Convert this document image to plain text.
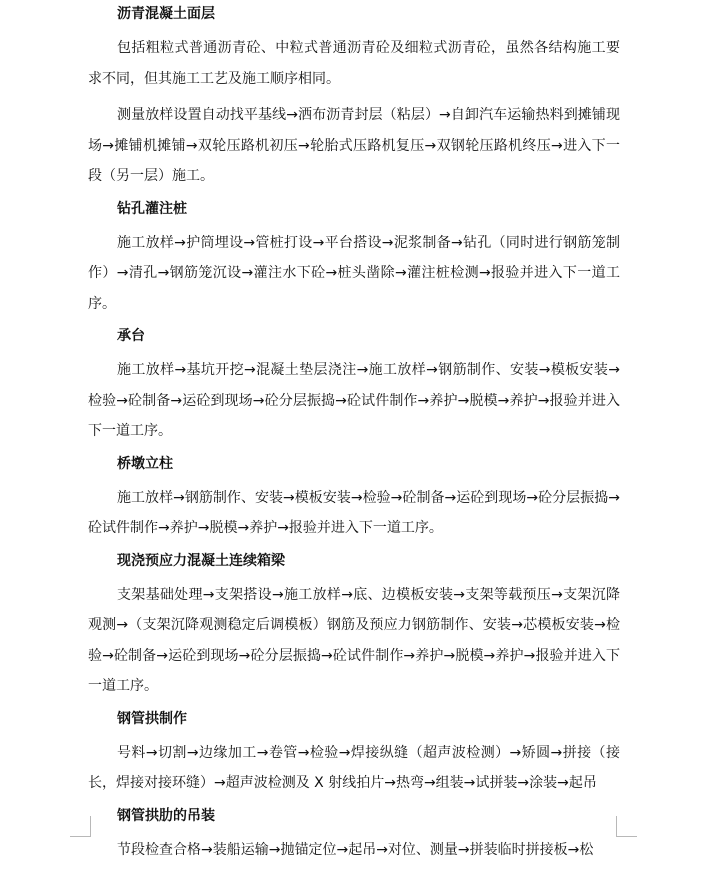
沥青混凝土面层

包括粗粒式普通沥青砼、中粒式普通沥青砼及细粒式沥青砼，虽然各结构施工要求不同，但其施工工艺及施工顺序相同。

测量放样设置自动找平基线→洒布沥青封层（粘层）→自卸汽车运输热料到摊铺现场→摊铺机摊铺→双轮压路机初压→轮胎式压路机复压→双钢轮压路机终压→进入下一段（另一层）施工。

钻孔灌注桩

施工放样→护筒埋设→管桩打设→平台搭设→泥浆制备→钻孔（同时进行钢筋笼制作）→清孔→钢筋笼沉设→灌注水下砼→桩头凿除→灌注桩检测→报验并进入下一道工序。

承台

施工放样→基坑开挖→混凝土垫层浇注→施工放样→钢筋制作、安装→模板安装→检验→砼制备→运砼到现场→砼分层振捣→砼试件制作→养护→脱模→养护→报验并进入下一道工序。

桥墩立柱

施工放样→钢筋制作、安装→模板安装→检验→砼制备→运砼到现场→砼分层振捣→砼试件制作→养护→脱模→养护→报验并进入下一道工序。

现浇预应力混凝土连续箱梁

支架基础处理→支架搭设→施工放样→底、边模板安装→支架等载预压→支架沉降观测→（支架沉降观测稳定后调模板）钢筋及预应力钢筋制作、安装→芯模板安装→检验→砼制备→运砼到现场→砼分层振捣→砼试件制作→养护→脱模→养护→报验并进入下一道工序。

钢管拱制作

号料→切割→边缘加工→卷管→检验→焊接纵缝（超声波检测）→矫圆→拼接（接长，焊接对接环缝）→超声波检测及 X 射线拍片→热弯→组装→试拼装→涂装→起吊

钢管拱肋的吊装

节段检查合格→装船运输→抛锚定位→起吊→对位、测量→拼装临时拼接板→松
